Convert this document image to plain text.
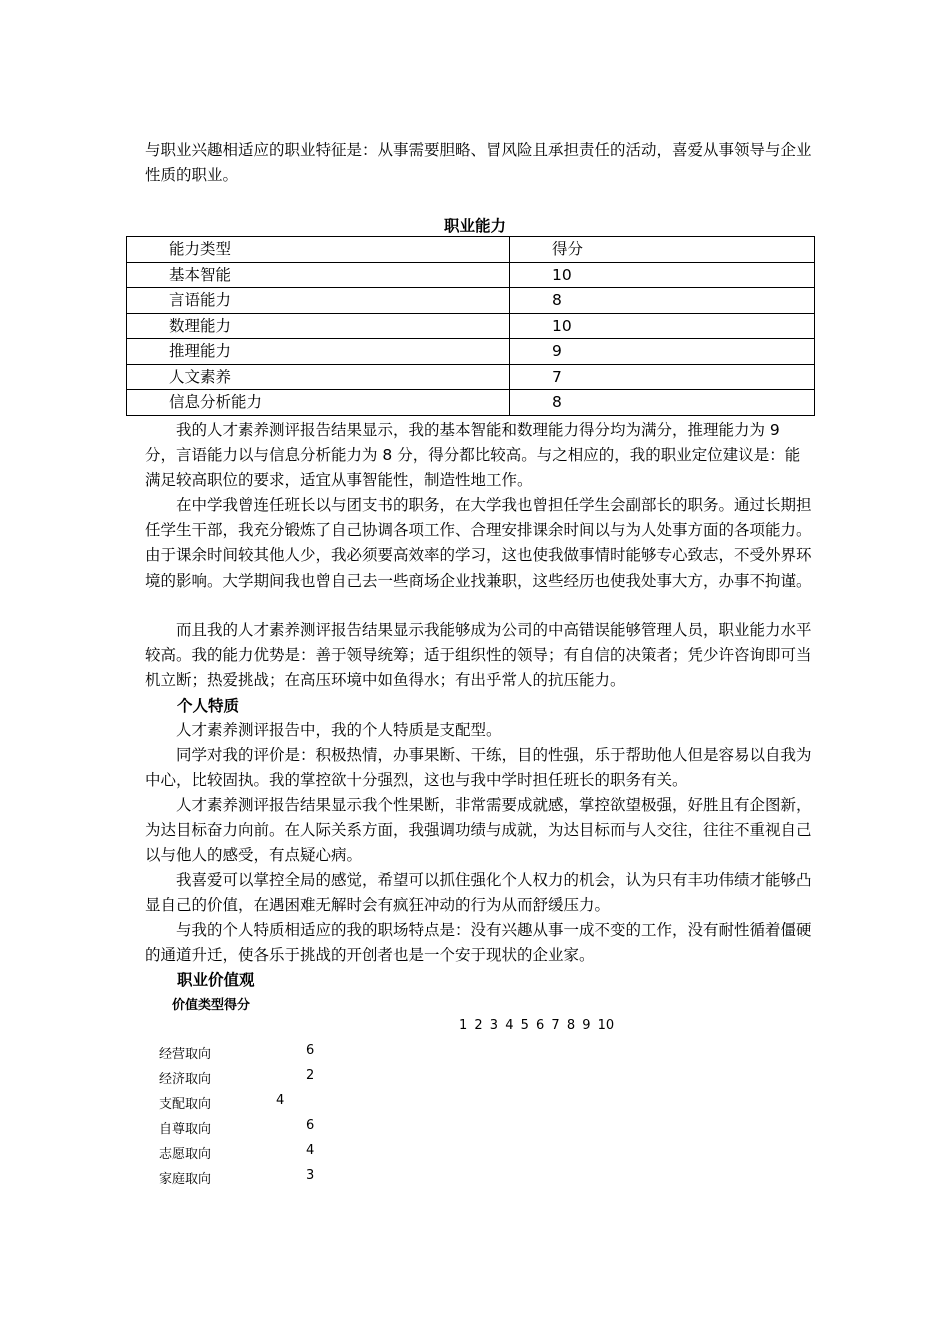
与职业兴趣相适应的职业特征是：从事需要胆略、冒风险且承担责任的活动，喜爱从事领导与企业性质的职业。

职业能力
能力类型	得分
基本智能	10
言语能力	8
数理能力	10
推理能力	9
人文素养	7
信息分析能力	8

我的人才素养测评报告结果显示，我的基本智能和数理能力得分均为满分，推理能力为 9 分，言语能力以与信息分析能力为 8 分，得分都比较高。与之相应的，我的职业定位建议是：能满足较高职位的要求，适宜从事智能性，制造性地工作。

在中学我曾连任班长以与团支书的职务，在大学我也曾担任学生会副部长的职务。通过长期担任学生干部，我充分锻炼了自己协调各项工作、合理安排课余时间以与为人处事方面的各项能力。由于课余时间较其他人少，我必须要高效率的学习，这也使我做事情时能够专心致志，不受外界环境的影响。大学期间我也曾自己去一些商场企业找兼职，这些经历也使我处事大方，办事不拘谨。

而且我的人才素养测评报告结果显示我能够成为公司的中高错误能够管理人员，职业能力水平较高。我的能力优势是：善于领导统筹；适于组织性的领导；有自信的决策者；凭少许咨询即可当机立断；热爱挑战；在高压环境中如鱼得水；有出乎常人的抗压能力。

个人特质

人才素养测评报告中，我的个人特质是支配型。

同学对我的评价是：积极热情，办事果断、干练，目的性强，乐于帮助他人但是容易以自我为中心，比较固执。我的掌控欲十分强烈，这也与我中学时担任班长的职务有关。

人才素养测评报告结果显示我个性果断，非常需要成就感，掌控欲望极强，好胜且有企图新，为达目标奋力向前。在人际关系方面，我强调功绩与成就，为达目标而与人交往，往往不重视自己以与他人的感受，有点疑心病。

我喜爱可以掌控全局的感觉，希望可以抓住强化个人权力的机会，认为只有丰功伟绩才能够凸显自己的价值，在遇困难无解时会有疯狂冲动的行为从而舒缓压力。

与我的个人特质相适应的我的职场特点是：没有兴趣从事一成不变的工作，没有耐性循着僵硬的通道升迁，使各乐于挑战的开创者也是一个安于现状的企业家。

职业价值观
价值类型得分
1 2 3 4 5 6 7 8 9 10
经营取向	6
经济取向	2
支配取向	4
自尊取向	6
志愿取向	4
家庭取向	3
